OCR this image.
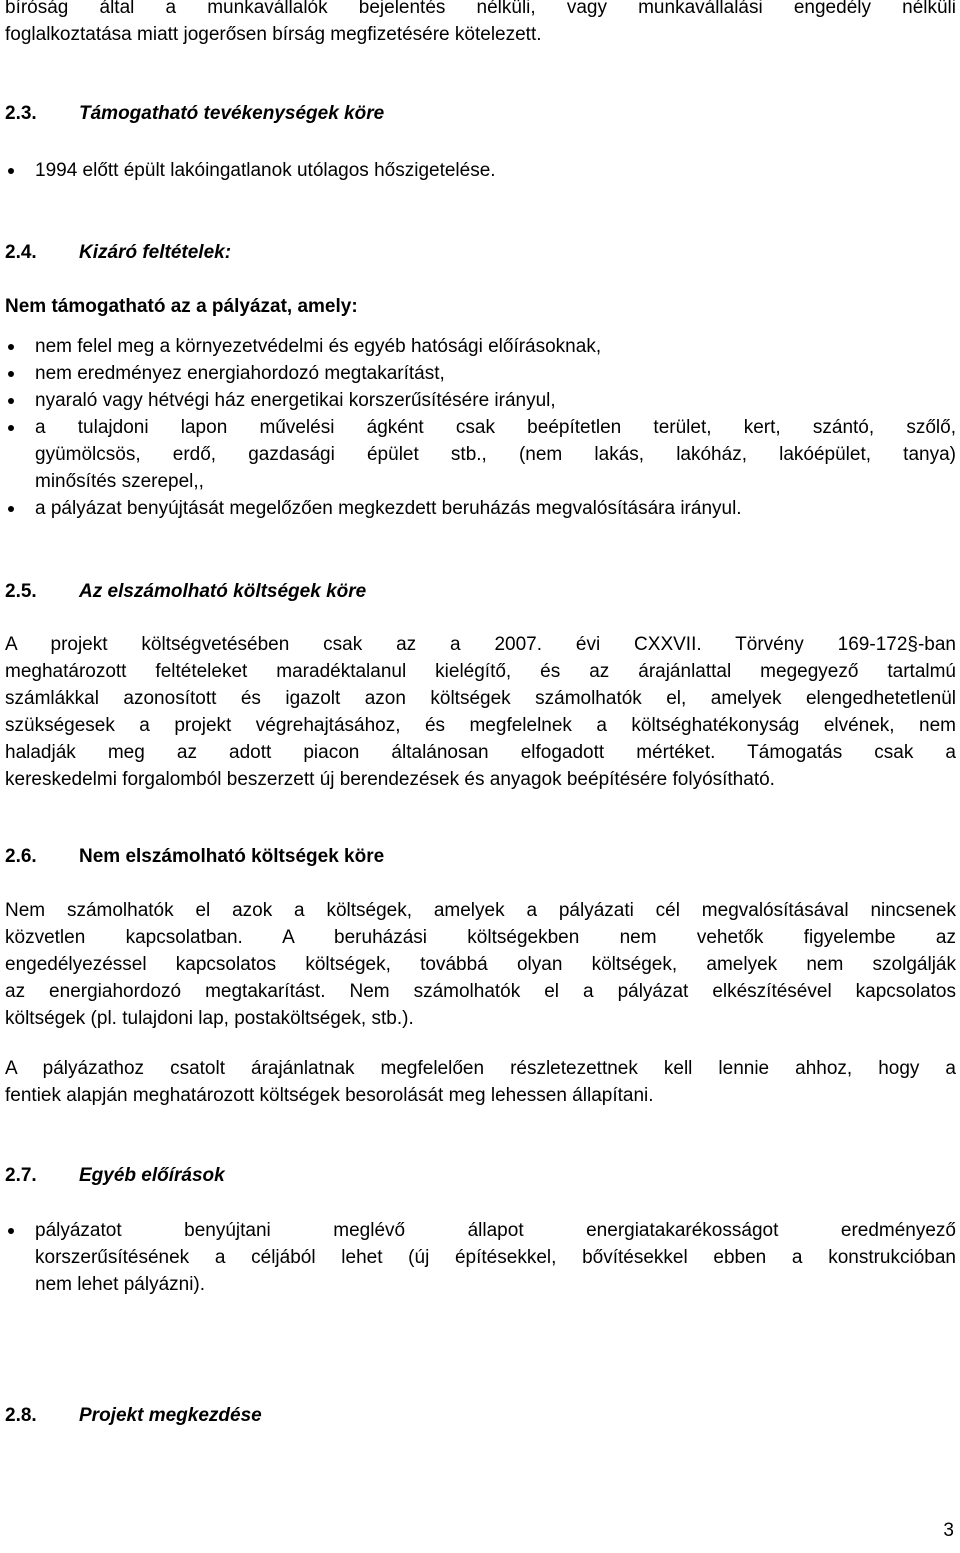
bíróság által a munkavállalók bejelentés nélküli, vagy munkavállalási engedély nélküli
foglalkoztatása miatt jogerősen bírság megfizetésére kötelezett.
2.3. Támogatható tevékenységek köre
1994 előtt épült lakóingatlanok utólagos hőszigetelése.
2.4. Kizáró feltételek:
Nem támogatható az a pályázat, amely:
nem felel meg a környezetvédelmi és egyéb hatósági előírásoknak,
nem eredményez energiahordozó megtakarítást,
nyaraló vagy hétvégi ház energetikai korszerűsítésére irányul,
a tulajdoni lapon művelési ágként csak beépítetlen terület, kert, szántó, szőlő,
gyümölcsös, erdő, gazdasági épület stb., (nem lakás, lakóház, lakóépület, tanya)
minősítés szerepel,,
a pályázat benyújtását megelőzően megkezdett beruházás megvalósítására irányul.
2.5. Az elszámolható költségek köre
A projekt költségvetésében csak az a 2007. évi CXXVII. Törvény 169-172§-ban
meghatározott feltételeket maradéktalanul kielégítő, és az árajánlattal megegyező tartalmú
számlákkal azonosított és igazolt azon költségek számolhatók el, amelyek elengedhetetlenül
szükségesek a projekt végrehajtásához, és megfelelnek a költséghatékonyság elvének, nem
haladják meg az adott piacon általánosan elfogadott mértéket. Támogatás csak a
kereskedelmi forgalomból beszerzett új berendezések és anyagok beépítésére folyósítható.
2.6. Nem elszámolható költségek köre
Nem számolhatók el azok a költségek, amelyek a pályázati cél megvalósításával nincsenek
közvetlen kapcsolatban. A beruházási költségekben nem vehetők figyelembe az
engedélyezéssel kapcsolatos költségek, továbbá olyan költségek, amelyek nem szolgálják
az energiahordozó megtakarítást. Nem számolhatók el a pályázat elkészítésével kapcsolatos
költségek (pl. tulajdoni lap, postaköltségek, stb.).
A pályázathoz csatolt árajánlatnak megfelelően részletezettnek kell lennie ahhoz, hogy a
fentiek alapján meghatározott költségek besorolását meg lehessen állapítani.
2.7. Egyéb előírások
pályázatot benyújtani meglévő állapot energiatakarékosságot eredményező
korszerűsítésének a céljából lehet (új építésekkel, bővítésekkel ebben a konstrukcióban
nem lehet pályázni).
2.8. Projekt megkezdése
3
